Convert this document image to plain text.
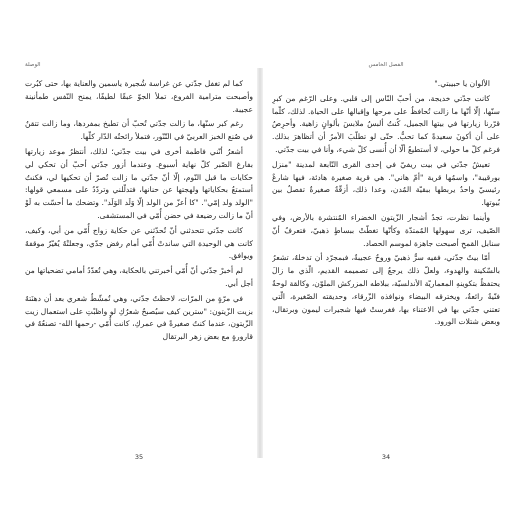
الوصلة

كما لم تغفل جدّتي عن غراسة شُجيرة ياسمين والعناية بها، حتى كبُرت وأصبحت مترامية الفروع، تملأ الجوّ عبقًا لطيفًا، يمنح النّفس طمأنينة عجيبة.

رغم كبر سنّها، ما زالت جدّتي تُحبّ أن تطبخ بمفردها، وما زالت تتقنُ في صُنع الخبز العربيّ في التّنّور، فتملأ رائحتُه الدّار كلّها.

أشعرُ أنّني فاطمة أخرى في بيت جدّتي؛ لذلك، أنتظرُ موعد زيارتها بفارغ الصّبر كلّ نهاية أسبوع. وعندما أزور جدّتي أحبّ أن تحكي لي حكايات ما قبل النّوم، إلّا أنّ جدّتي ما زالت تُصرّ أن تحكيها لي، فكنتُ أستمتعُ بحكاياتها ولهجتها عن حنانها، فتدلّلني وتردّدُ على مسمعي قولها: "الولد ولد إمّي". "كا أعزّ من الولد إلّا وَلَد الوَلَد". وتضحك ما أحسّت به لَوْ أنّ ما زالت رضيعة في حضن أُمّي في المستشفى.

كانت جدّتي تتحدثني أنّ تُحدّثني عن حكاية زواج أُمّي من أبي، وكيف، كانت هي الوحيدة التي ساندتْ أُمّي أمام رفض جدّي، وجعلتْهُ يُغيّرُ موقفهُ ويوافق.

لم أخبرْ جدّتي أنّ أُمّي أخبرتني بالحكاية، وهي تُعدّدُ أمامي تضحياتها من أجل أبي.

في مرّةٍ من المرّات، لاحظتُ جدّتي، وهي تُمشّطُ شعري بعد أن دهنَتهُ بزيت الزّيتون: "سترين كيف سيُصبحُ شعرُكِ لو واظبْتِ على استعمال زيت الزّيتون، عندما كنتُ صغيرةً في عمركِ، كانت أُمّي -رحمها الله- تصنعُهُ في قارورةٍ مع بعض زهر البرتقال

35
الفصل الخامس

الألوان يا حبيبتي."

كانت جدّتي خديجة، من أحبّ النّاس إلى قلبي. وعلى الرّغم من كبرِ سنّها، إلّا أنّها ما زالت تُحافظُ على مرحها وإقبالها على الحياة. لذلك، كلّما قرّرنا زيارتها في بيتها الجميل، كُنتُ ألبسُ ملابسَ بألوانٍ زاهية. وأحرِصُ على أن أكونَ سعيدةً كما تحبُّ. حتّى لو تطلّبَ الأمرُ أن أتظاهرَ بذلك. فرغم كلّ ما حولي، لا أستطيعُ ألّا أن أُنسى كلّ شيء، وأنا في بيت جدّتي.

تعيشُ جدّتي في بيت ريفيّ في إحدى القرى التّابعة لمدينة "منزل بورقيبة"، واسمُها قرية "أمّ هاني". هي قرية صغيرة هادئة، فيها شارعٌ رئيسيّ واحدٌ يربطها ببقيّة المُدن، وعدا ذلك، أزقّةٌ صغيرةٌ تفصلُ بين بُيوتها.

وأينما نظرت، تجدُ أشجار الزّيتون الخضراء المُنتشرة بالأرض، وفي الصّيف، ترى سهولها المُمتدّة وكأنّها تغطّتْ ببساطٍ ذهبيّ، فتعرفُ أنّ سنابل القمحِ أصبحت جاهزة لموسم الحصاد.

أمّا بيتُ جدّتي، ففيه سرٌّ ذهبيّ وروحٌ عجيبةٌ، فبمجرّد أن تدخلهُ، تشعرُ بالسّكينة والهدوء، ولعلّ ذلك يرجعُ إلى تصميمه القديم، الّذي ما زالَ يحتفظُ بتكوينهِ المعماريّة الأندلسيّة، ببلاطه المزركش الملوّن، وكالقة لوحةٌ فنّيةٌ رائعةٌ، ويخترقه البيضاء ونوافذه الزّرقاء، وحديقته الصّغيرة، الّتي تعتني جدّتي بها في الاعتناء بها، فغرستْ فيها شجيرات ليمون وبرتقال، وبعض شتلات الورود.

34
